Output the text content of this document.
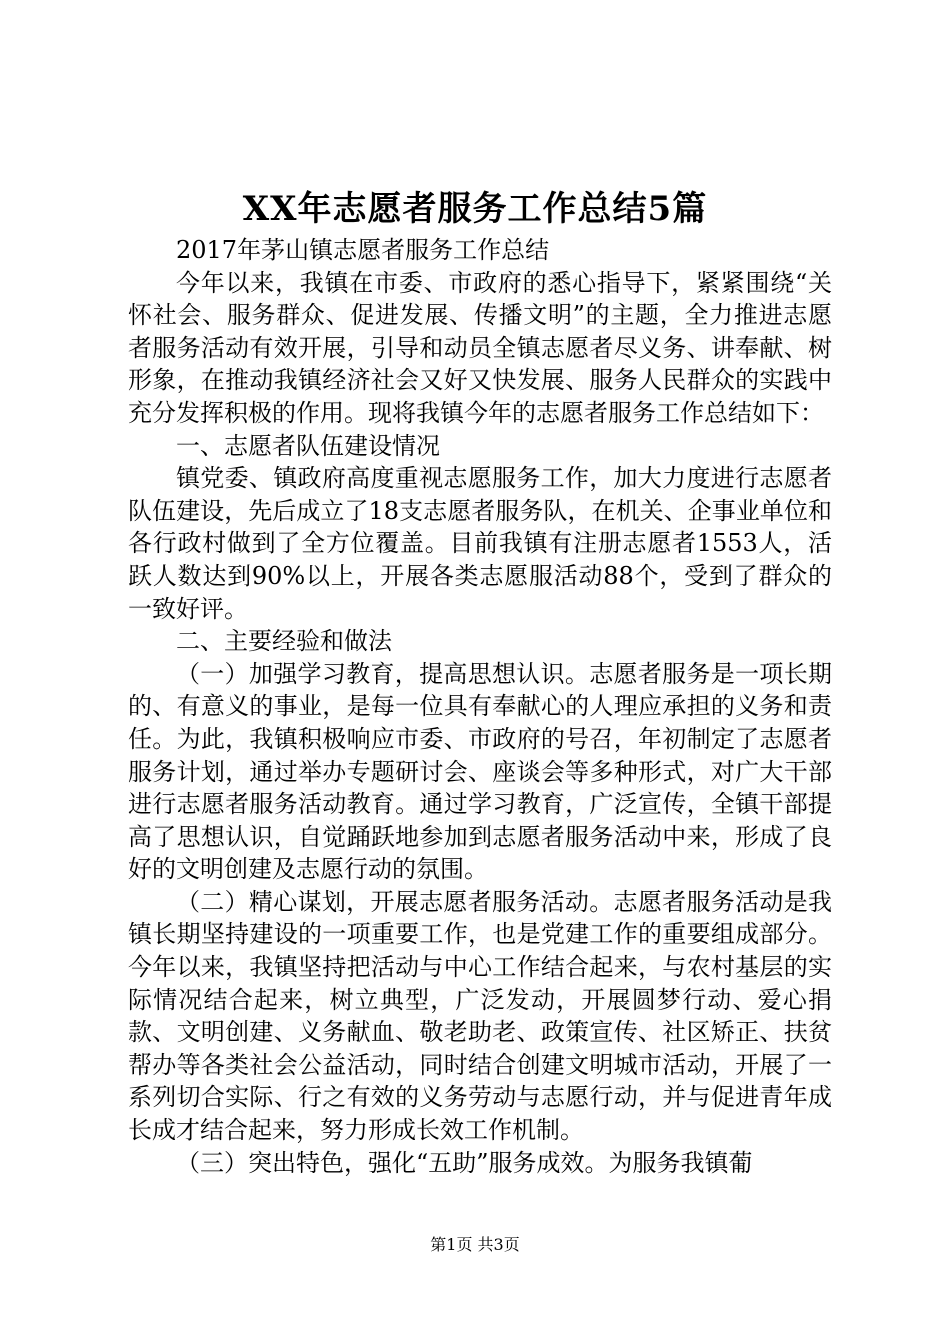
XX年志愿者服务工作总结5篇

2017年茅山镇志愿者服务工作总结

今年以来，我镇在市委、市政府的悉心指导下，紧紧围绕“关怀社会、服务群众、促进发展、传播文明”的主题，全力推进志愿者服务活动有效开展，引导和动员全镇志愿者尽义务、讲奉献、树形象，在推动我镇经济社会又好又快发展、服务人民群众的实践中充分发挥积极的作用。现将我镇今年的志愿者服务工作总结如下：

一、志愿者队伍建设情况

镇党委、镇政府高度重视志愿服务工作，加大力度进行志愿者队伍建设，先后成立了18支志愿者服务队，在机关、企事业单位和各行政村做到了全方位覆盖。目前我镇有注册志愿者1553人，活跃人数达到90%以上，开展各类志愿服活动88个，受到了群众的一致好评。

二、主要经验和做法

（一）加强学习教育，提高思想认识。志愿者服务是一项长期的、有意义的事业，是每一位具有奉献心的人理应承担的义务和责任。为此，我镇积极响应市委、市政府的号召，年初制定了志愿者服务计划，通过举办专题研讨会、座谈会等多种形式，对广大干部进行志愿者服务活动教育。通过学习教育，广泛宣传，全镇干部提高了思想认识，自觉踊跃地参加到志愿者服务活动中来，形成了良好的文明创建及志愿行动的氛围。

（二）精心谋划，开展志愿者服务活动。志愿者服务活动是我镇长期坚持建设的一项重要工作，也是党建工作的重要组成部分。今年以来，我镇坚持把活动与中心工作结合起来，与农村基层的实际情况结合起来，树立典型，广泛发动，开展圆梦行动、爱心捐款、文明创建、义务献血、敬老助老、政策宣传、社区矫正、扶贫帮办等各类社会公益活动，同时结合创建文明城市活动，开展了一系列切合实际、行之有效的义务劳动与志愿行动，并与促进青年成长成才结合起来，努力形成长效工作机制。

（三）突出特色，强化“五助”服务成效。为服务我镇葡

第1页 共3页
